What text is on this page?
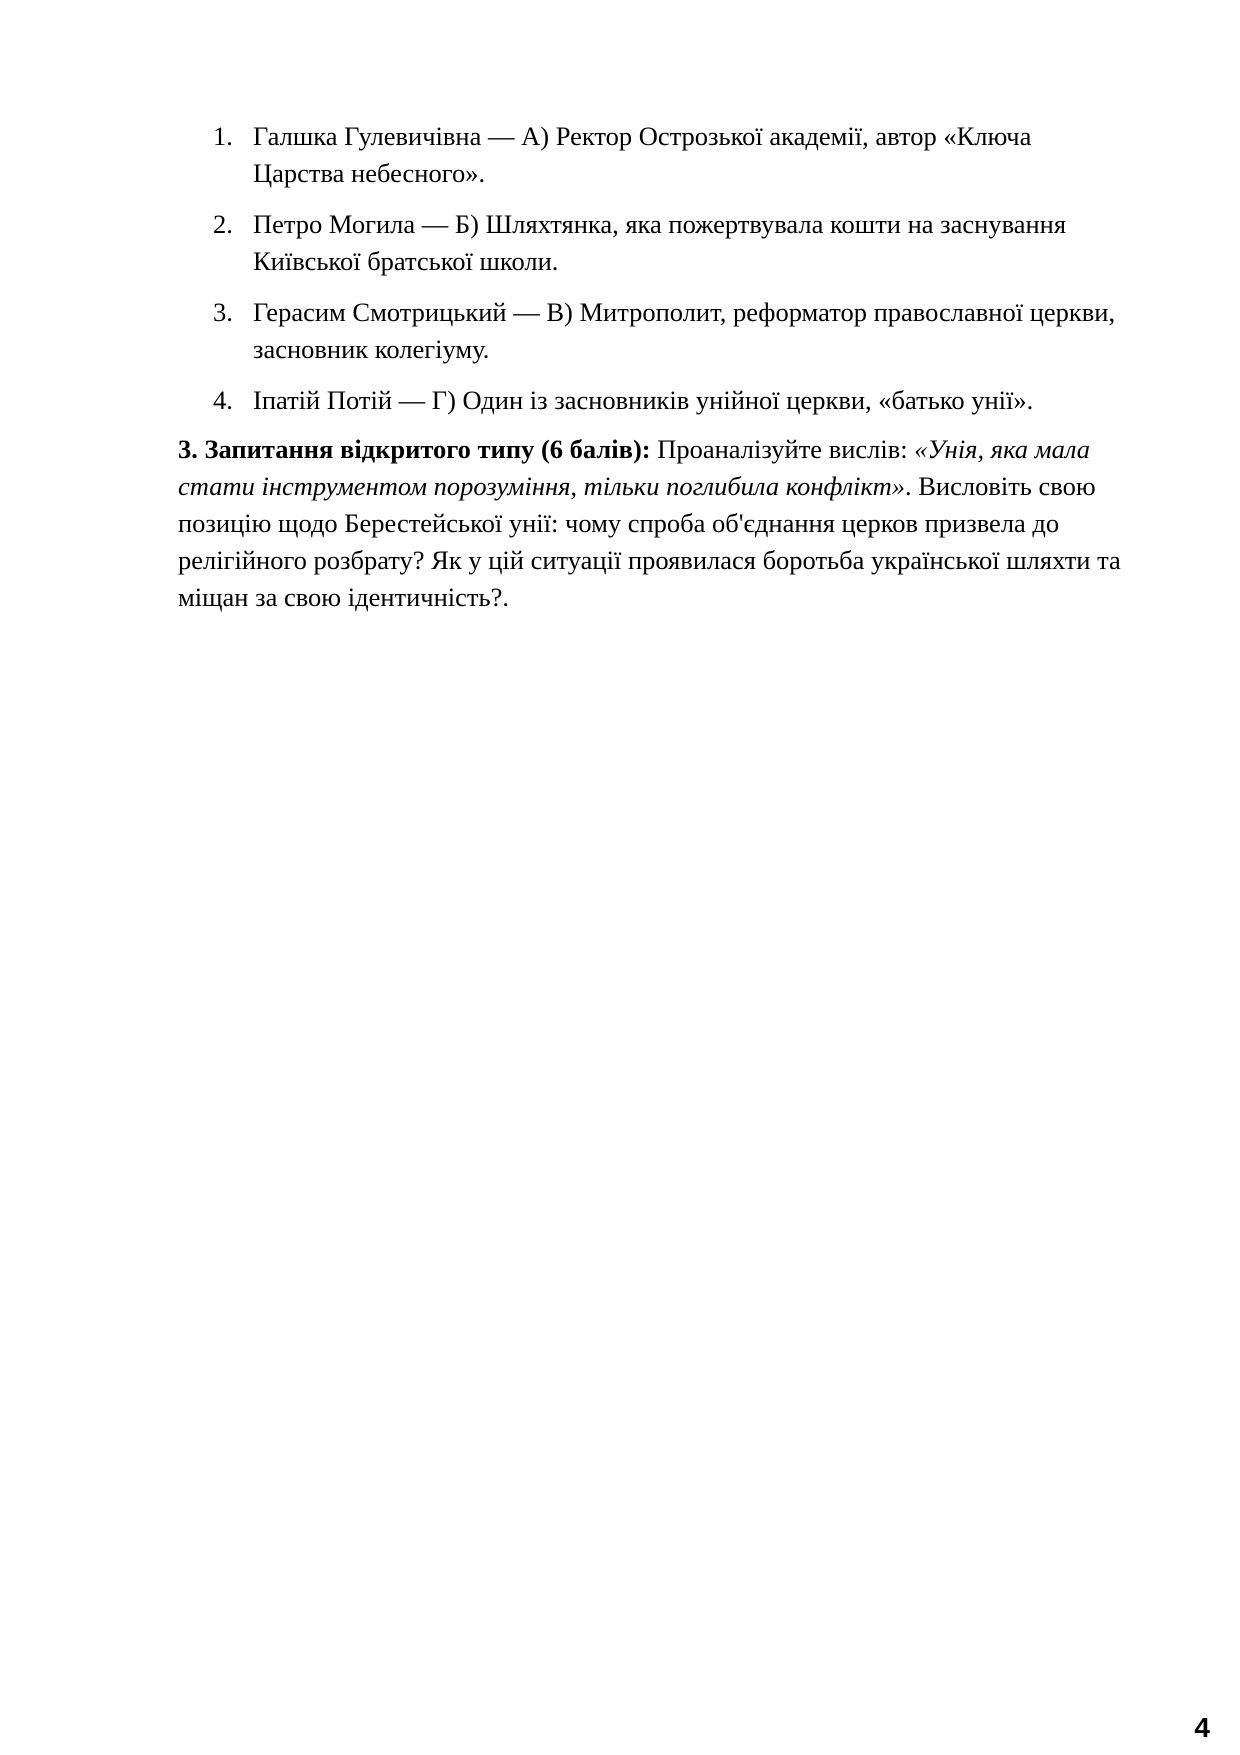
1. Галшка Гулевичівна — А) Ректор Острозької академії, автор «Ключа Царства небесного».
2. Петро Могила — Б) Шляхтянка, яка пожертвувала кошти на заснування Київської братської школи.
3. Герасим Смотрицький — В) Митрополит, реформатор православної церкви, засновник колегіуму.
4. Іпатій Потій — Г) Один із засновників унійної церкви, «батько унії».

3. Запитання відкритого типу (6 балів): Проаналізуйте вислів: «Унія, яка мала стати інструментом порозуміння, тільки поглибила конфлікт». Висловіть свою позицію щодо Берестейської унії: чому спроба об'єднання церков призвела до релігійного розбрату? Як у цій ситуації проявилася боротьба української шляхти та міщан за свою ідентичність?.

4
